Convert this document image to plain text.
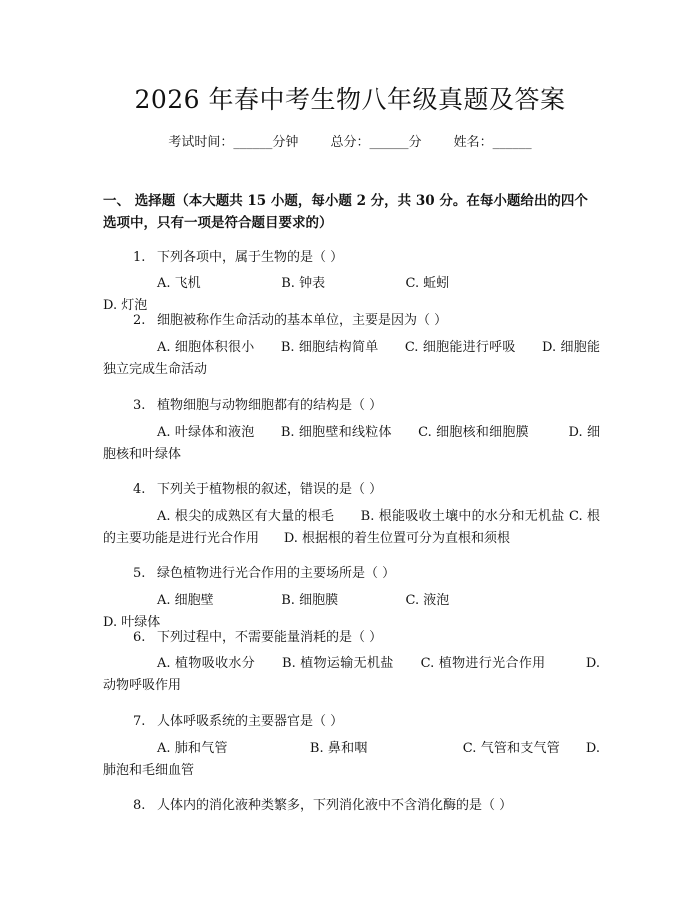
2026 年春中考生物八年级真题及答案
考试时间：______分钟 总分：______分 姓名：______
一、 选择题（本大题共 15 小题，每小题 2 分，共 30 分。在每小题给出的四个选项中，只有一项是符合题目要求的）
1. 下列各项中，属于生物的是（ ）
A. 飞机	B. 钟表	C. 蚯蚓D. 灯泡
2. 细胞被称作生命活动的基本单位，主要是因为（ ）
A. 细胞体积很小 B. 细胞结构简单 C. 细胞能进行呼吸 D. 细胞能独立完成生命活动
3. 植物细胞与动物细胞都有的结构是（ ）
A. 叶绿体和液泡 B. 细胞壁和线粒体 C. 细胞核和细胞膜	D. 细胞核和叶绿体
4. 下列关于植物根的叙述，错误的是（ ）
A. 根尖的成熟区有大量的根毛 B. 根能吸收土壤中的水分和无机盐 C. 根的主要功能是进行光合作用 D. 根据根的着生位置可分为直根和须根
5. 绿色植物进行光合作用的主要场所是（ ）
A. 细胞壁	B. 细胞膜	C. 液泡D. 叶绿体
6. 下列过程中，不需要能量消耗的是（ ）
A. 植物吸收水分 B. 植物运输无机盐 C. 植物进行光合作用	D. 动物呼吸作用
7. 人体呼吸系统的主要器官是（ ）
A. 肺和气管	B. 鼻和咽	C. 气管和支气管 D. 肺泡和毛细血管
8. 人体内的消化液种类繁多，下列消化液中不含消化酶的是（ ）
